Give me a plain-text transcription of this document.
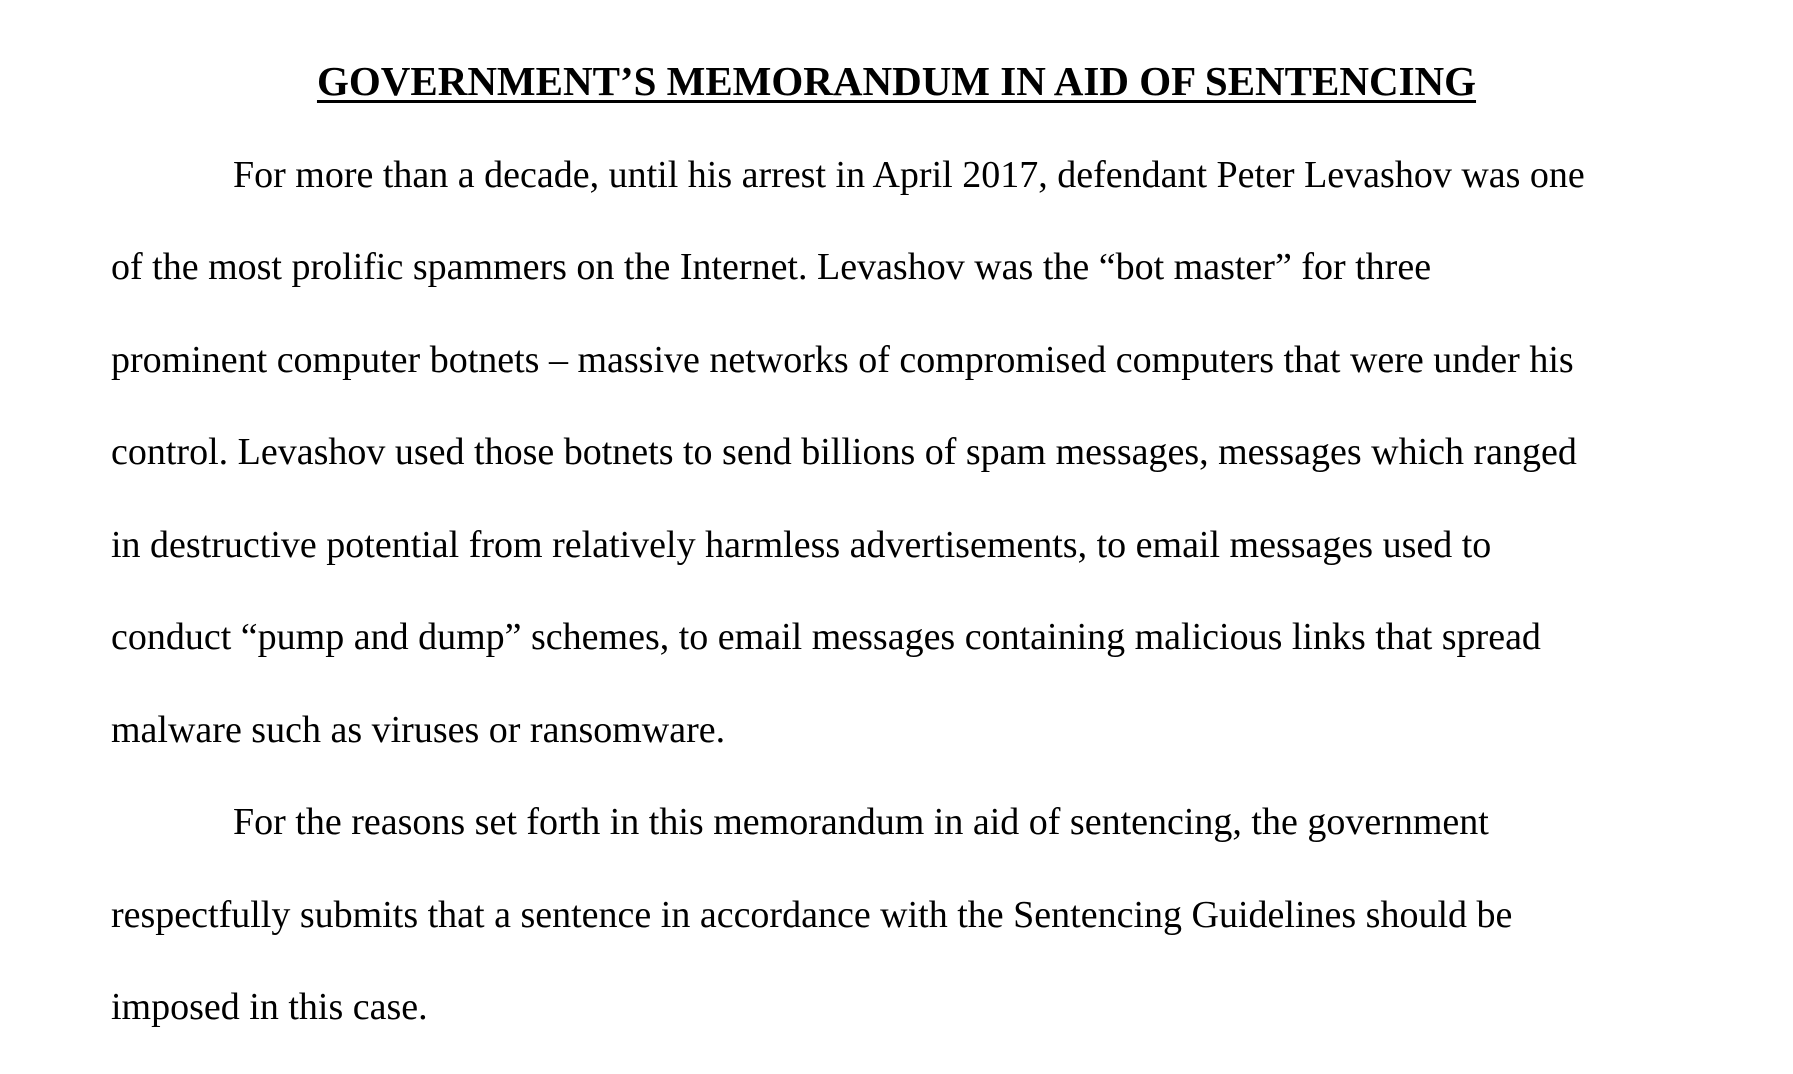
GOVERNMENT’S MEMORANDUM IN AID OF SENTENCING

For more than a decade, until his arrest in April 2017, defendant Peter Levashov was one

of the most prolific spammers on the Internet. Levashov was the “bot master” for three

prominent computer botnets – massive networks of compromised computers that were under his

control. Levashov used those botnets to send billions of spam messages, messages which ranged

in destructive potential from relatively harmless advertisements, to email messages used to

conduct “pump and dump” schemes, to email messages containing malicious links that spread

malware such as viruses or ransomware.

For the reasons set forth in this memorandum in aid of sentencing, the government

respectfully submits that a sentence in accordance with the Sentencing Guidelines should be

imposed in this case.
